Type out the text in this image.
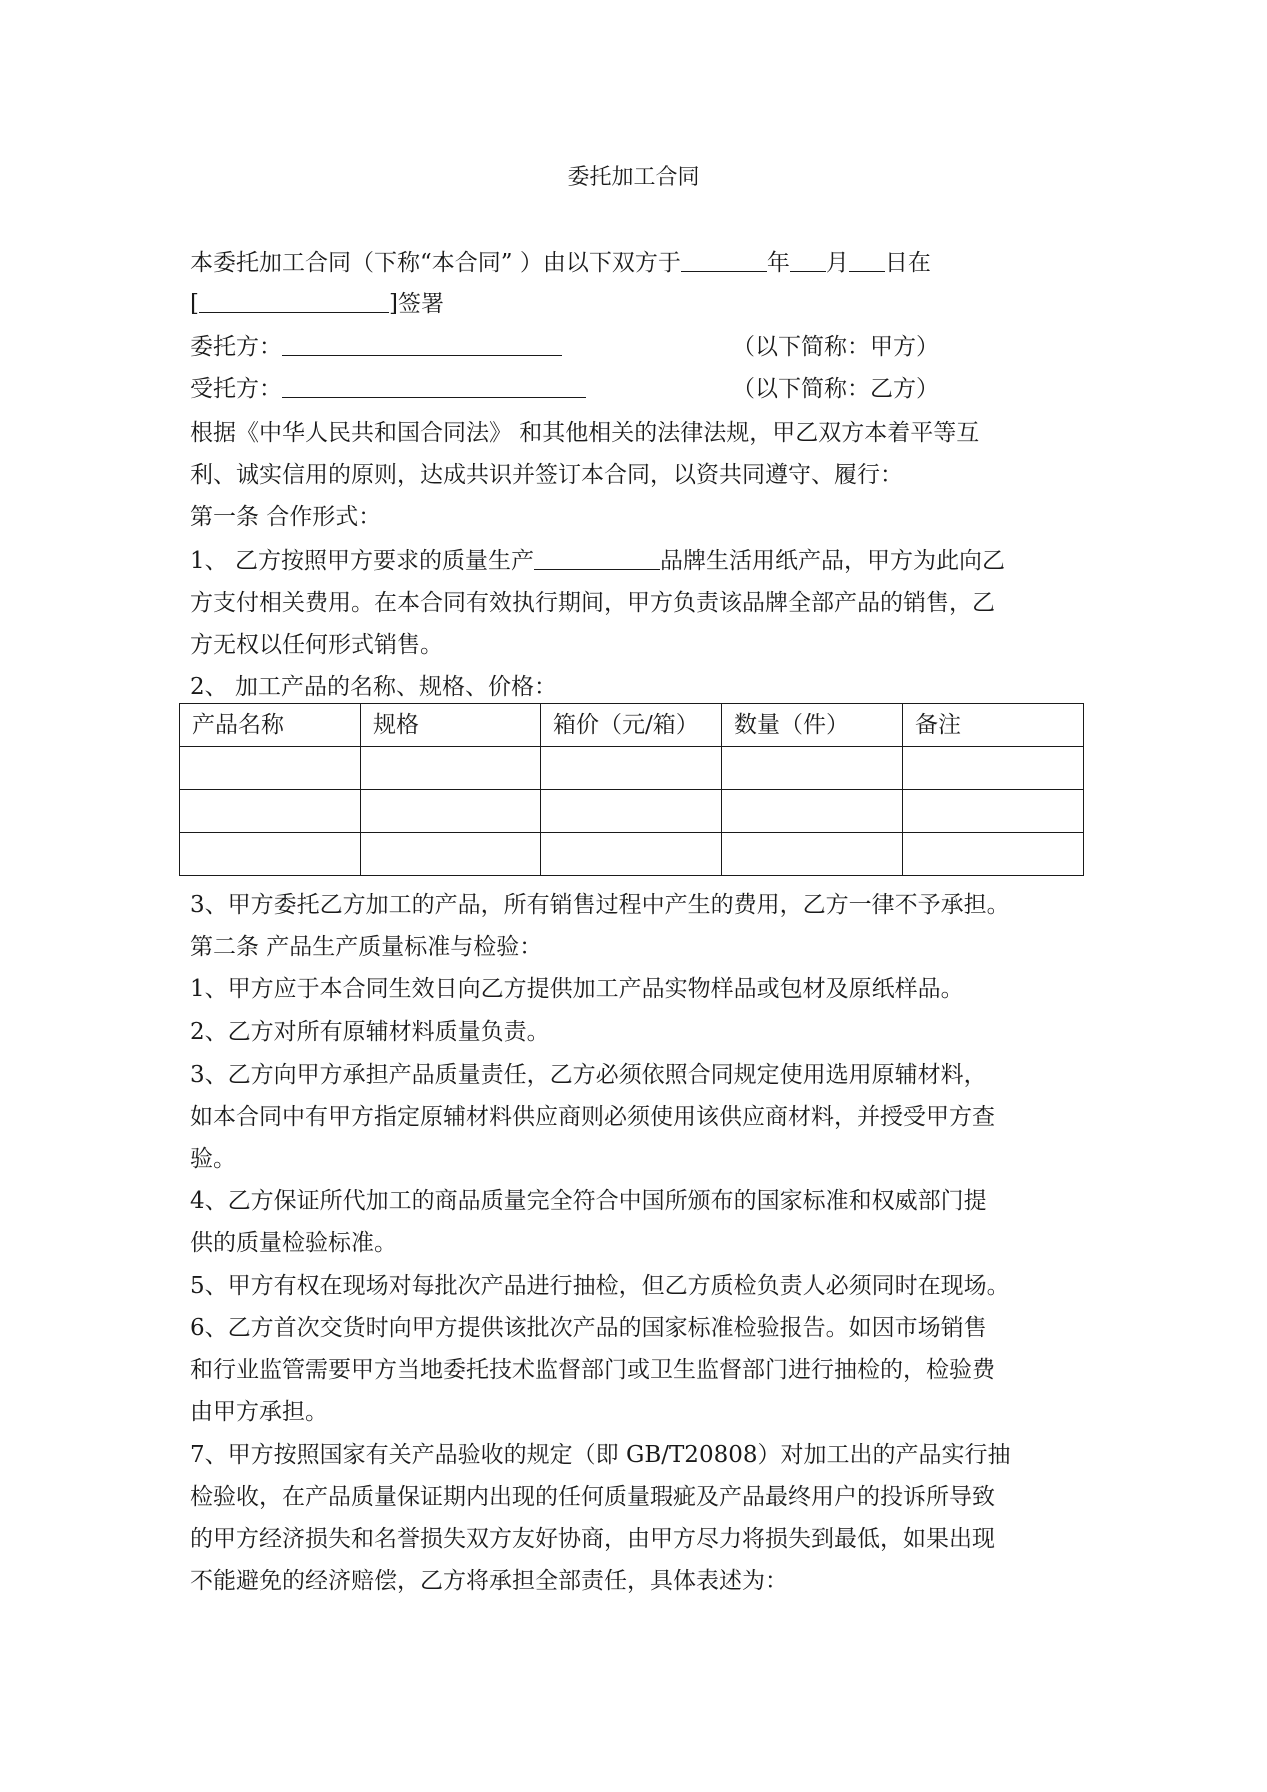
委托加工合同
本委托加工合同（下称“本合同” ）由以下双方于	年 月 日在
[	]签署
委托方：	（以下简称：甲方）
受托方：	（以下简称：乙方）
根据《中华人民共和国合同法》 和其他相关的法律法规，甲乙双方本着平等互
利、诚实信用的原则，达成共识并签订本合同，以资共同遵守、履行：
第一条 合作形式：
1、 乙方按照甲方要求的质量生产	品牌生活用纸产品，甲方为此向乙
方支付相关费用。在本合同有效执行期间，甲方负责该品牌全部产品的销售，乙
方无权以任何形式销售。
2、 加工产品的名称、规格、价格：
产品名称	规格	箱价（元/箱）	数量（件）	备注

3、甲方委托乙方加工的产品，所有销售过程中产生的费用，乙方一律不予承担。
第二条 产品生产质量标准与检验：
1、甲方应于本合同生效日向乙方提供加工产品实物样品或包材及原纸样品。
2、乙方对所有原辅材料质量负责。
3、乙方向甲方承担产品质量责任，乙方必须依照合同规定使用选用原辅材料，
如本合同中有甲方指定原辅材料供应商则必须使用该供应商材料，并授受甲方查
验。
4、乙方保证所代加工的商品质量完全符合中国所颁布的国家标准和权威部门提
供的质量检验标准。
5、甲方有权在现场对每批次产品进行抽检，但乙方质检负责人必须同时在现场。
6、乙方首次交货时向甲方提供该批次产品的国家标准检验报告。如因市场销售
和行业监管需要甲方当地委托技术监督部门或卫生监督部门进行抽检的，检验费
由甲方承担。
7、甲方按照国家有关产品验收的规定（即 GB/T20808）对加工出的产品实行抽
检验收，在产品质量保证期内出现的任何质量瑕疵及产品最终用户的投诉所导致
的甲方经济损失和名誉损失双方友好协商，由甲方尽力将损失到最低，如果出现
不能避免的经济赔偿，乙方将承担全部责任，具体表述为：
